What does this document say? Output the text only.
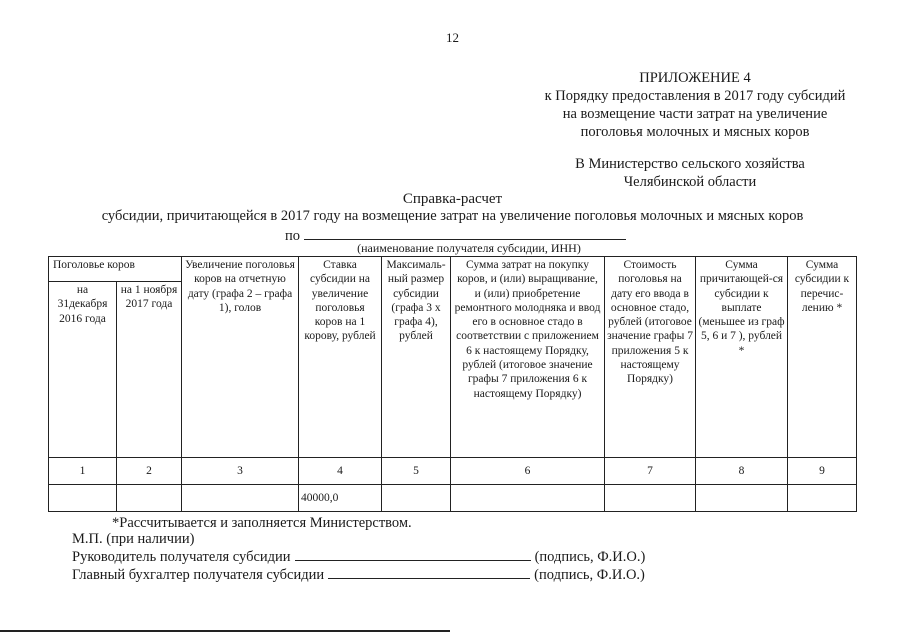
12
ПРИЛОЖЕНИЕ 4
к Порядку предоставления в 2017 году субсидий
на возмещение части затрат на увеличение
поголовья молочных и мясных коров
В Министерство сельского хозяйства
Челябинской области
Справка-расчет
субсидии, причитающейся в 2017 году на возмещение затрат на увеличение поголовья молочных и мясных коров
по
(наименование получателя субсидии, ИНН)
Поголовье коров		Увеличение поголовья коров на отчетную дату (графа 2 – графа 1), голов	Ставка субсидии на увеличение поголовья коров на 1 корову, рублей	Максималь-ный размер субсидии (графа 3 х графа 4), рублей	Сумма затрат на покупку коров, и (или) выращивание, и (или) приобретение ремонтного молодняка и ввод его в основное стадо в соответствии с приложением 6 к настоящему Порядку, рублей (итоговое значение графы 7 приложения 6 к настоящему Порядку)	Стоимость поголовья на дату его ввода в основное стадо, рублей (итоговое значение графы 7 приложения 5 к настоящему Порядку)	Сумма причитающей-ся субсидии к выплате (меньшее из граф 5, 6 и 7 ), рублей *	Сумма субсидии к перечис-лению *
на 31декабря 2016 года	на 1 ноября 2017 года							
1	2	3	4	5	6	7	8	9
			40000,0					
*Рассчитывается и заполняется Министерством.
М.П. (при наличии)
Руководитель получателя субсидии	(подпись, Ф.И.О.)
Главный бухгалтер получателя субсидии	(подпись, Ф.И.О.)
